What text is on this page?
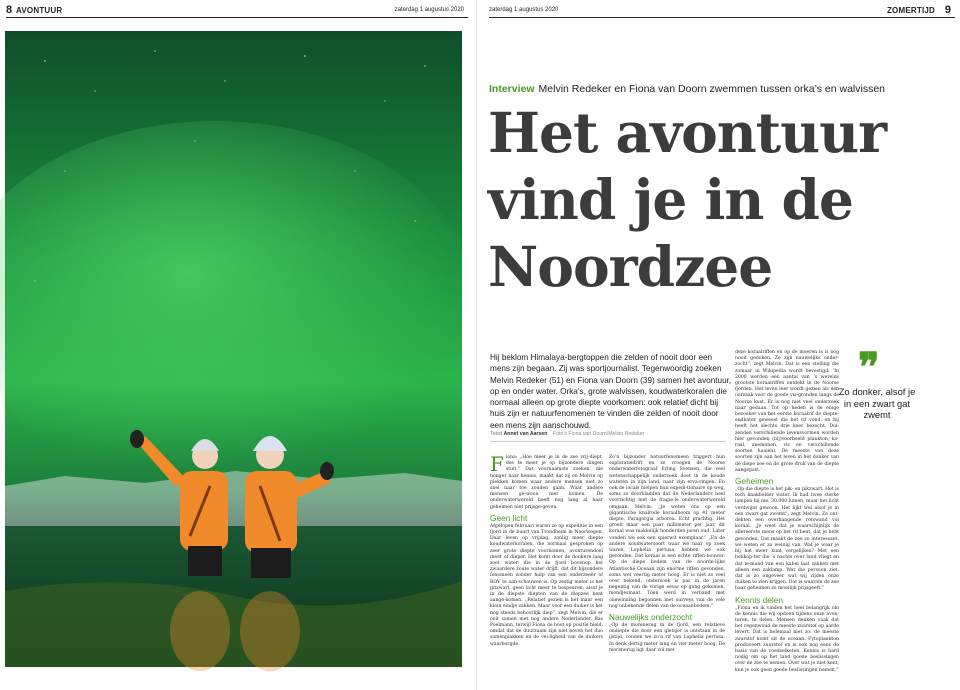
8 AVONTUUR	zaterdag 1 augustus 2020	zaterdag 1 augustus 2020	ZOMERTIJD 9
Interview Melvin Redeker en Fiona van Doorn zwemmen tussen orka’s en walvissen
Het avontuur
vind je in de
Noordzee

Hij beklom Himalaya-bergtoppen die zelden of nooit door een

mens zijn begaan. Zij was sportjournalist. Tegenwoordig zoeken

Melvin Redeker (51) en Fiona van Doorn (39) samen het avontuur,

op en onder water. Orka’s, grote walvissen, koudwaterkoralen die

normaal alleen op grote diepte voorkomen: ook relatief dicht bij

huis zijn er natuurfenomenen te vinden die zelden of nooit door

een mens zijn aanschouwd.

Tekst Annet van Aarsen Foto’s Fiona van Doorn/Melvin Redeker

Fiona: „Hoe meer je in de zee vrij-diept, des te meer je op bijzondere dingen stuit.” Dat voornaamste zoeken, die honger naar kennis, maakt dat zij en Melvin op plekken komen waar andere mensen niet zo snel naar toe zouden gaan. Waar andere mensen ge-woon niet komen. De onderwaterwereld heeft nog lang al haar geheimen niet prijsge-geven.

Geen licht

Afgelopen februari waren ze op expeditie in een fjord in de buurt van Trondheim in Noorwegen. Daar leven op vrijdag, zonlig meer diepte koudwaterkoralen, die normaal gesproken op zeer grote diepte voorkomen, avonturendoel meer of dieper. Het komt door de donkere laag zoet water, die in de fjord bovenop het zwaardere zoute water drijft, dat dit bijzondere fenomeen zonder hulp van een onderzeeër of ROV te aan-schouwen is. Op zestig meter is het gitzwart, geen licht meer te bespeuren; alsof je in de diepste diepten van de diepzee bent aange-komen. „Relatief gezien is het maar een klein eindje zakken. Maar voor een duiker is het nog steeds behoorlijk diep”, zegt Melvin, die er ooit samen met nog andere Nederlander, Bas Poelmann, terwijl Fiona de boot op positie hield, omdat dat de duurzaam zijn niet boven het duo samenplakken en de vei-ligheid van de duikers waarborgde.

Zo’n bijzonder natuurfenomeen triggert hun exploratiedrift en ze vroegen de Noorse onderwaterfotograaf Erling Svensen, die veel wetenschappelijk onderzoek doet in de koude wateren in zijn land, naar zijn erva-ringen. En ook de locals hielpen hun expedi-tionaire op weg, soms zo doorbladden dat de Nederlanders heel voorzichtig met de fragie-le onderwaterwereld omgaan. Melvin: „Je weten ons op een gigantische knalrode koraalboom op 41 meter diepte, Paragorgia arborea. Echt prachtig. Het groeit maar een paar millimeter per jaar, dit koraal was makkelijk honderden jaren oud. Later vonden we ook een spierwit exemplaar.” „En de andere koudwatersoort waar we naar op zoek waren, Lophelia pertusa, hebben we ook gevonden. Dat koraal is een echte riffen-bouwer. Op de diepe bodem van de noorde-lijke Atlantische Oceaan zijn enorme riffen gevonden, soms wel veertig meter hoog. Er is niet zo veel over bekend, onderzoek is pas in de jaren negentig van de vorige eeuw op gang gekomen, mondjesmaat. Toen werd in verband met oliewinning begonnen met surveys van de vele nog onbekende delen van de oceaanbodem.”

Nauwelijks onderzocht

„Op de morenerug in de fjord, een relatieve ondiepte die door een gletsjer is ontstaan in de ijstijd, vonden we zo’n rif van Lophelia pertusa. In denk dertig meter lang en vier meter hoog. De morenerug ligt daar vol met

deze koraalriffen en op de moeren is is nog nooit gedoken. Ze zijn nauwelijks onder-zocht”, zegt Melvin. Dat is een stelling die zomaar in Wikipedia wordt bevestigd: ‘In 2000 werden een aantal van ‘s werelds grootste koraalriffen ontdekt in de Noorse fjorden. Het leven leer wordt gezien als een oorzaak voor de goede vis-gronden langs de Noorse kust. Er is nog niet veel onderzoek naar gedaan. Tot op heden is de enige bezoeker van het eerste koraalrif de diepte-endkater geweest die het rif vond, en hij heeft het slechts drie keer bezocht. Dui-zenden verschillende levensvormen worden hier gevonden (bij)voorbeeld plankton, ko-raal, anemonen, vis en verschillende soorten haaien). De meeste van deze soorten zijn aan het leven in het donker van de diepe zee en de grote druk van de diepte aangepast.’

Geheimen

„Op die diepte is het pik- en pikzwart. Het is toch knakhelder water. Ik had twee sterke lampen bij me, 30.000 lumen, maar het licht verdwijnt gewoon. Het lijkt wel alsof je in een zwart gat zwemt”, zegt Melvin. Ze ont-dekten een overhangende rotswand vol koraal. „Je weet dat je waarschijnlijk de allereerste mens op het rif bent, dat je hebt gevonden. Dat maakt de zee zo interessant, we weten er zo weinig van. Wat je waar je bij het meer kunt vergelijken? Met een helikop-ter die ‘s nachts over land vliegt en dat ie-mand van een kabel laat zakken met alleen een zaklamp. Wat die persoon ziet, dat is zo ongeveer wat wij zijden onze duiken te zien krijgen. Dat is waarom de zee haar geheimen zo moeilijk prijsgeeft.”

Kennis delen

„Fiona en ik vinden het heel belangrijk om de kennis die wij opdoen tijdens onze avon-turen, te delen. Mensen denken vaak dat het regenwoud de meeste zuurstof op aarde levert. Dat is helemaal niet zo: de meeste zuurstof komt uit de oceaan. Fytoplankton produceert zuurstof en is ook nog eens de basis van de voedselketen. Kennis is hard nodig om op het land goede beslissingen over de zee te nemen. Over wat je niet kent, kun je ook geen goede beslissingen nemen.”

❞
Zo donker, alsof je in een zwart gat zwemt
